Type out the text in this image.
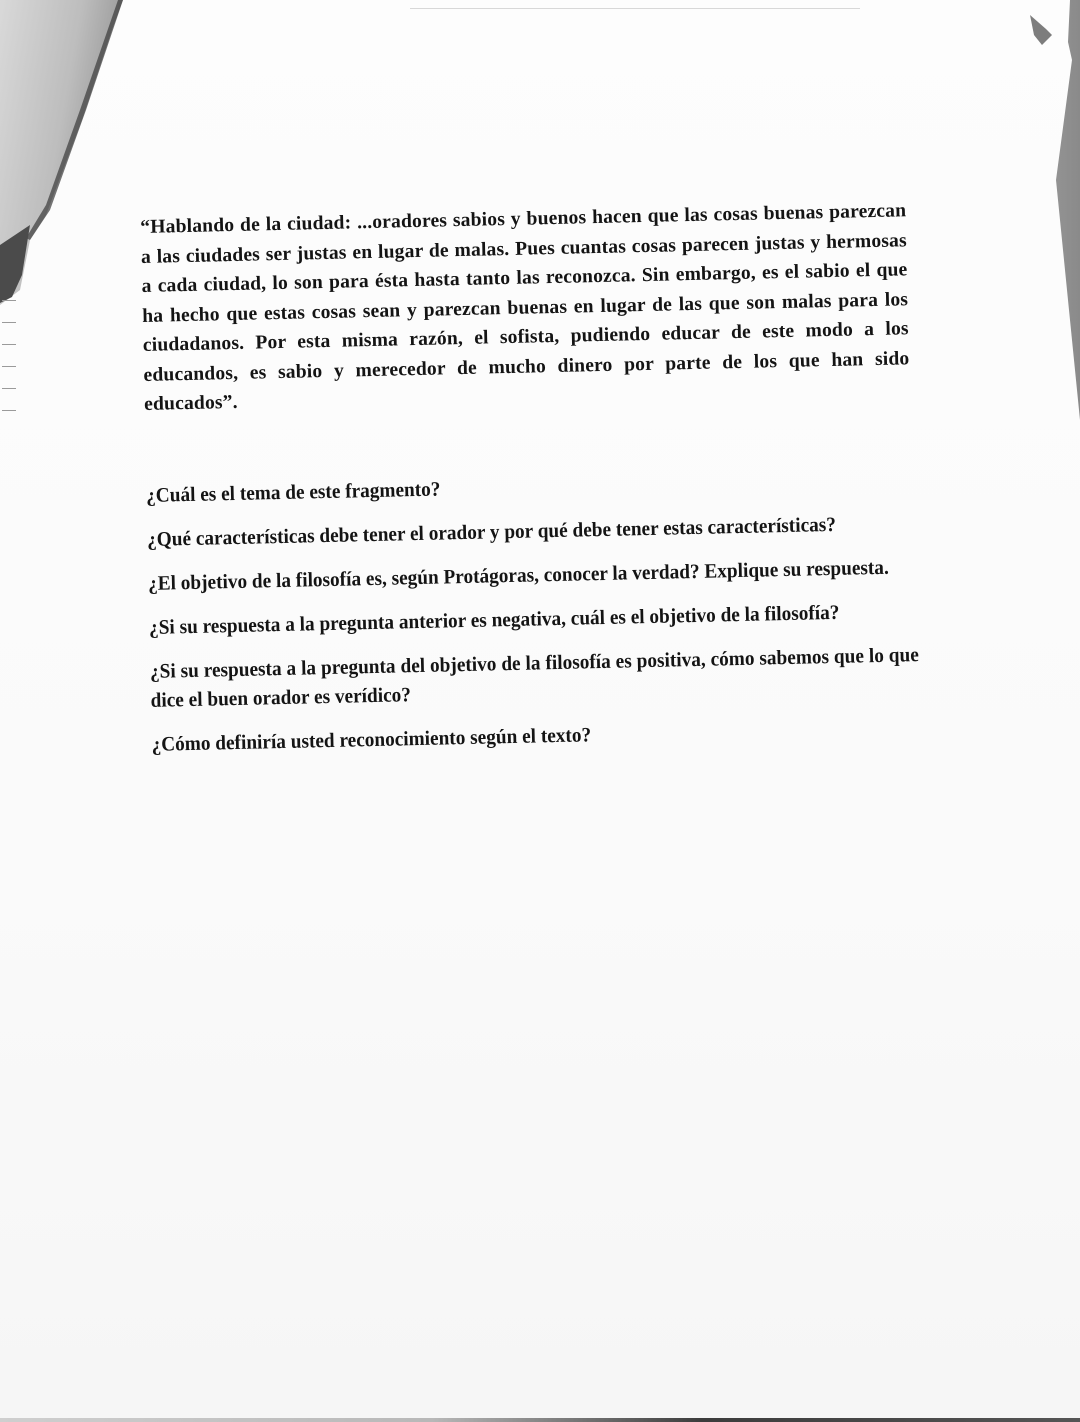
“Hablando de la ciudad: ...oradores sabios y buenos hacen que las cosas buenas parezcan a las ciudades ser justas en lugar de malas. Pues cuantas cosas parecen justas y hermosas a cada ciudad, lo son para ésta hasta tanto las reconozca. Sin embargo, es el sabio el que ha hecho que estas cosas sean y parezcan buenas en lugar de las que son malas para los ciudadanos. Por esta misma razón, el sofista, pudiendo educar de este modo a los educandos, es sabio y merecedor de mucho dinero por parte de los que han sido educados”.

¿Cuál es el tema de este fragmento?
¿Qué características debe tener el orador y por qué debe tener estas características?
¿El objetivo de la filosofía es, según Protágoras, conocer la verdad? Explique su respuesta.
¿Si su respuesta a la pregunta anterior es negativa, cuál es el objetivo de la filosofía?
¿Si su respuesta a la pregunta del objetivo de la filosofía es positiva, cómo sabemos que lo que dice el buen orador es verídico?
¿Cómo definiría usted reconocimiento según el texto?
